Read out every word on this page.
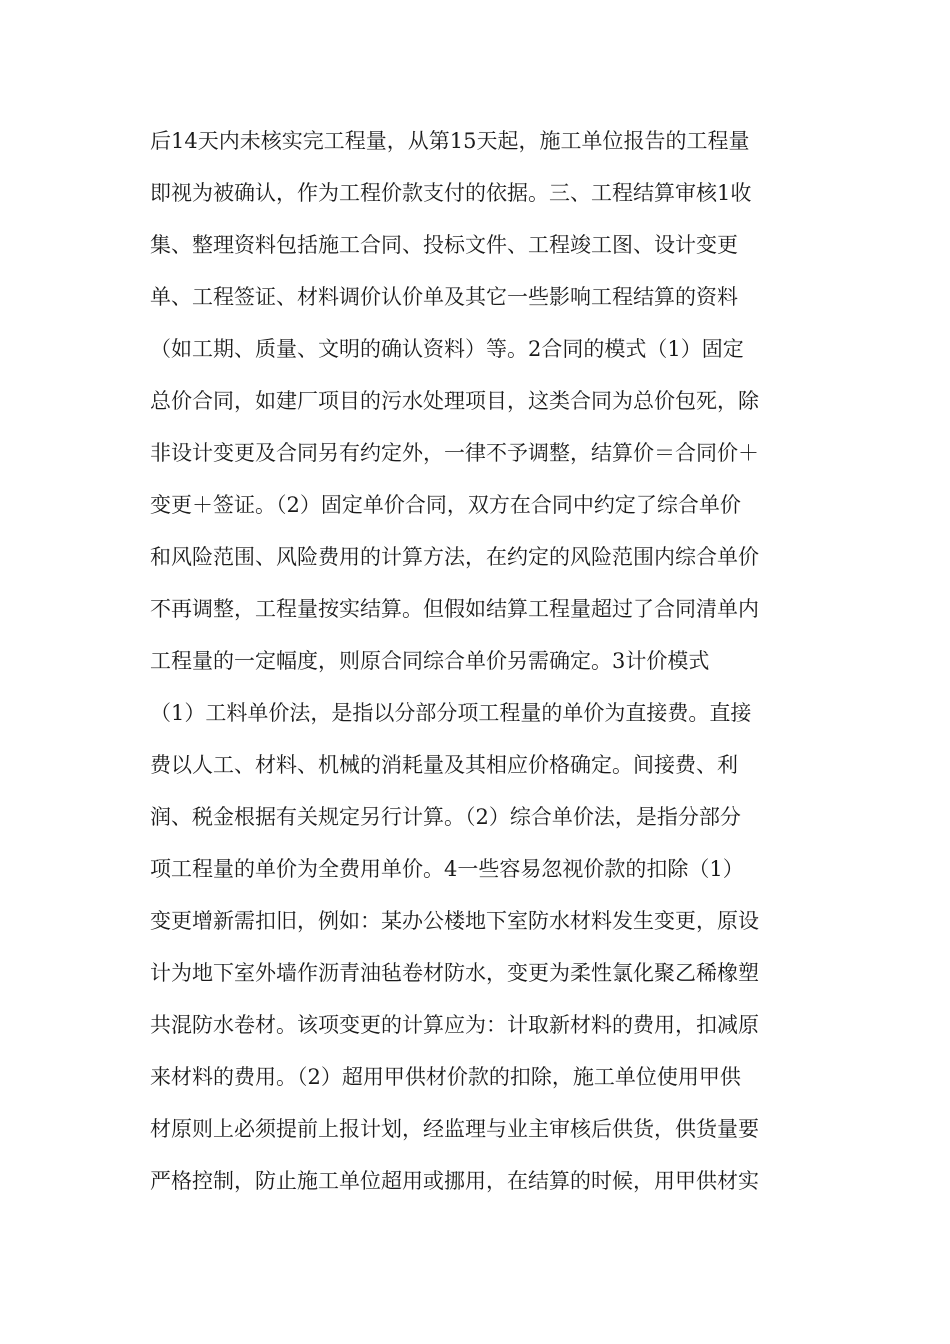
后14天内未核实完工程量，从第15天起，施工单位报告的工程量
即视为被确认，作为工程价款支付的依据。三、工程结算审核1收
集、整理资料包括施工合同、投标文件、工程竣工图、设计变更
单、工程签证、材料调价认价单及其它一些影响工程结算的资料
（如工期、质量、文明的确认资料）等。2合同的模式（1）固定
总价合同，如建厂项目的污水处理项目，这类合同为总价包死，除
非设计变更及合同另有约定外，一律不予调整，结算价＝合同价＋
变更＋签证。（2）固定单价合同，双方在合同中约定了综合单价
和风险范围、风险费用的计算方法，在约定的风险范围内综合单价
不再调整，工程量按实结算。但假如结算工程量超过了合同清单内
工程量的一定幅度，则原合同综合单价另需确定。3计价模式
（1）工料单价法，是指以分部分项工程量的单价为直接费。直接
费以人工、材料、机械的消耗量及其相应价格确定。间接费、利
润、税金根据有关规定另行计算。（2）综合单价法，是指分部分
项工程量的单价为全费用单价。4一些容易忽视价款的扣除（1）
变更增新需扣旧，例如：某办公楼地下室防水材料发生变更，原设
计为地下室外墙作沥青油毡卷材防水，变更为柔性氯化聚乙稀橡塑
共混防水卷材。该项变更的计算应为：计取新材料的费用，扣减原
来材料的费用。（2）超用甲供材价款的扣除，施工单位使用甲供
材原则上必须提前上报计划，经监理与业主审核后供货，供货量要
严格控制，防止施工单位超用或挪用，在结算的时候，用甲供材实
